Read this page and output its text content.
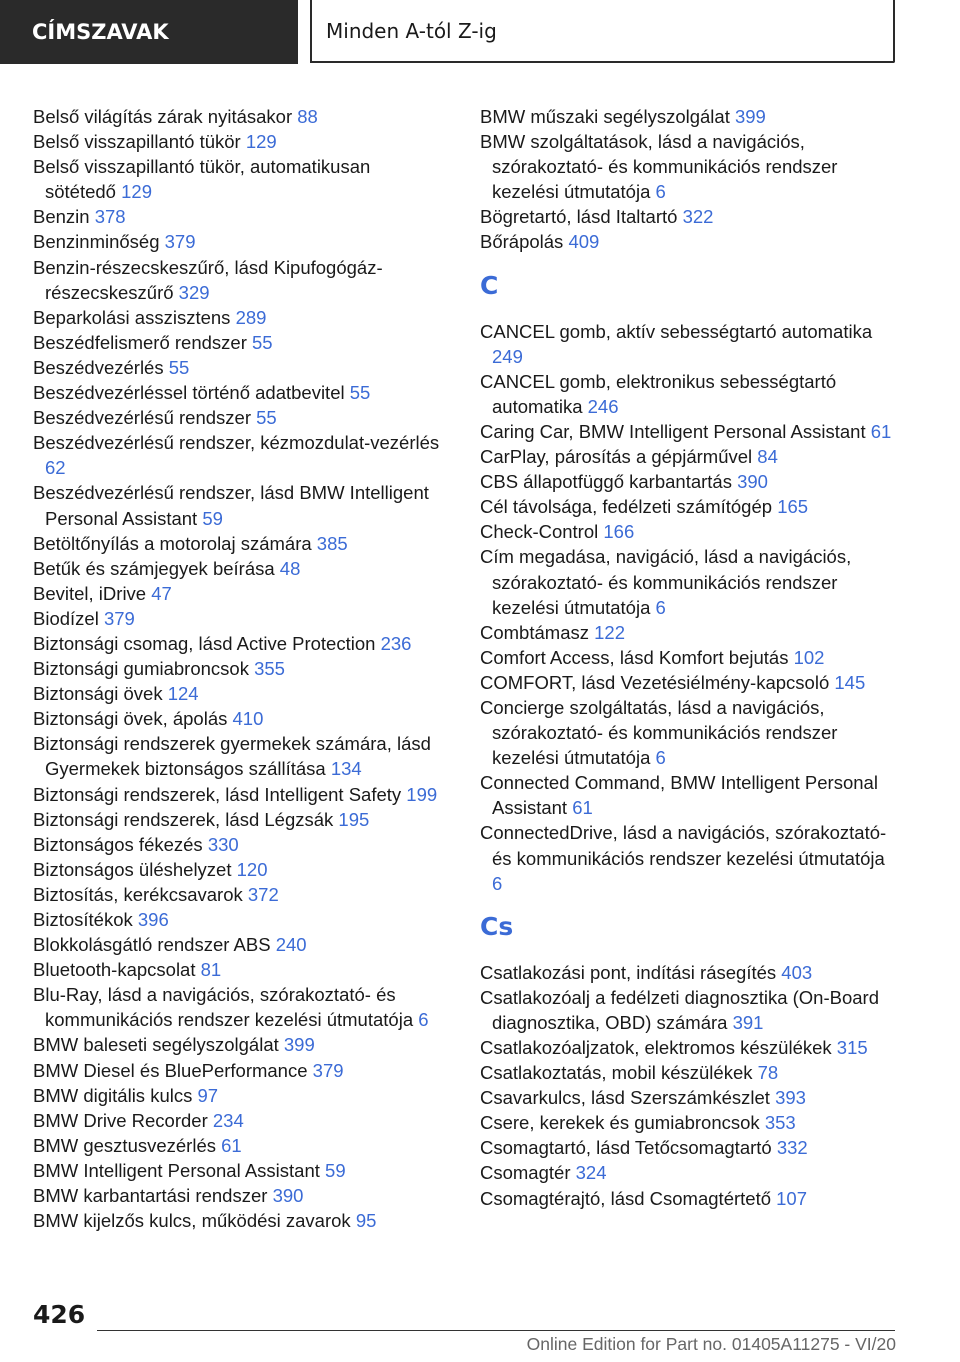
CÍMSZAVAK	Minden A-tól Z-ig

Belső világítás zárak nyitásakor 88

Belső visszapillantó tükör 129

Belső visszapillantó tükör, automatikusan sötétedő 129

Benzin 378

Benzinminőség 379

Benzin-részecskeszűrő, lásd Kipufogógáz-részecskeszűrő 329

Beparkolási asszisztens 289

Beszédfelismerő rendszer 55

Beszédvezérlés 55

Beszédvezérléssel történő adatbevitel 55

Beszédvezérlésű rendszer 55

Beszédvezérlésű rendszer, kézmozdulat-vezérlés 62

Beszédvezérlésű rendszer, lásd BMW Intelligent Personal Assistant 59

Betöltőnyílás a motorolaj számára 385

Betűk és számjegyek beírása 48

Bevitel, iDrive 47

Biodízel 379

Biztonsági csomag, lásd Active Protection 236

Biztonsági gumiabroncsok 355

Biztonsági övek 124

Biztonsági övek, ápolás 410

Biztonsági rendszerek gyermekek számára, lásd Gyermekek biztonságos szállítása 134

Biztonsági rendszerek, lásd Intelligent Safety 199

Biztonsági rendszerek, lásd Légzsák 195

Biztonságos fékezés 330

Biztonságos üléshelyzet 120

Biztosítás, kerékcsavarok 372

Biztosítékok 396

Blokkolásgátló rendszer ABS 240

Bluetooth-kapcsolat 81

Blu-Ray, lásd a navigációs, szórakoztató- és kommunikációs rendszer kezelési útmutatója 6

BMW baleseti segélyszolgálat 399

BMW Diesel és BluePerformance 379

BMW digitális kulcs 97

BMW Drive Recorder 234

BMW gesztusvezérlés 61

BMW Intelligent Personal Assistant 59

BMW karbantartási rendszer 390

BMW kijelzős kulcs, működési zavarok 95

BMW műszaki segélyszolgálat 399

BMW szolgáltatások, lásd a navigációs, szórakoztató- és kommunikációs rendszer kezelési útmutatója 6

Bögretartó, lásd Italtartó 322

Bőrápolás 409

C

CANCEL gomb, aktív sebességtartó automatika 249

CANCEL gomb, elektronikus sebességtartó automatika 246

Caring Car, BMW Intelligent Personal Assistant 61

CarPlay, párosítás a gépjárművel 84

CBS állapotfüggő karbantartás 390

Cél távolsága, fedélzeti számítógép 165

Check-Control 166

Cím megadása, navigáció, lásd a navigációs, szórakoztató- és kommunikációs rendszer kezelési útmutatója 6

Combtámasz 122

Comfort Access, lásd Komfort bejutás 102

COMFORT, lásd Vezetésiélmény-kapcsoló 145

Concierge szolgáltatás, lásd a navigációs, szórakoztató- és kommunikációs rendszer kezelési útmutatója 6

Connected Command, BMW Intelligent Personal Assistant 61

ConnectedDrive, lásd a navigációs, szórakoztató- és kommunikációs rendszer kezelési útmutatója 6

Cs

Csatlakozási pont, indítási rásegítés 403

Csatlakozóalj a fedélzeti diagnosztika (On-Board diagnosztika, OBD) számára 391

Csatlakozóaljzatok, elektromos készülékek 315

Csatlakoztatás, mobil készülékek 78

Csavarkulcs, lásd Szerszámkészlet 393

Csere, kerekek és gumiabroncsok 353

Csomagtartó, lásd Tetőcsomagtartó 332

Csomagtér 324

Csomagtérajtó, lásd Csomagtértető 107

426
Online Edition for Part no. 01405A11275 - VI/20
